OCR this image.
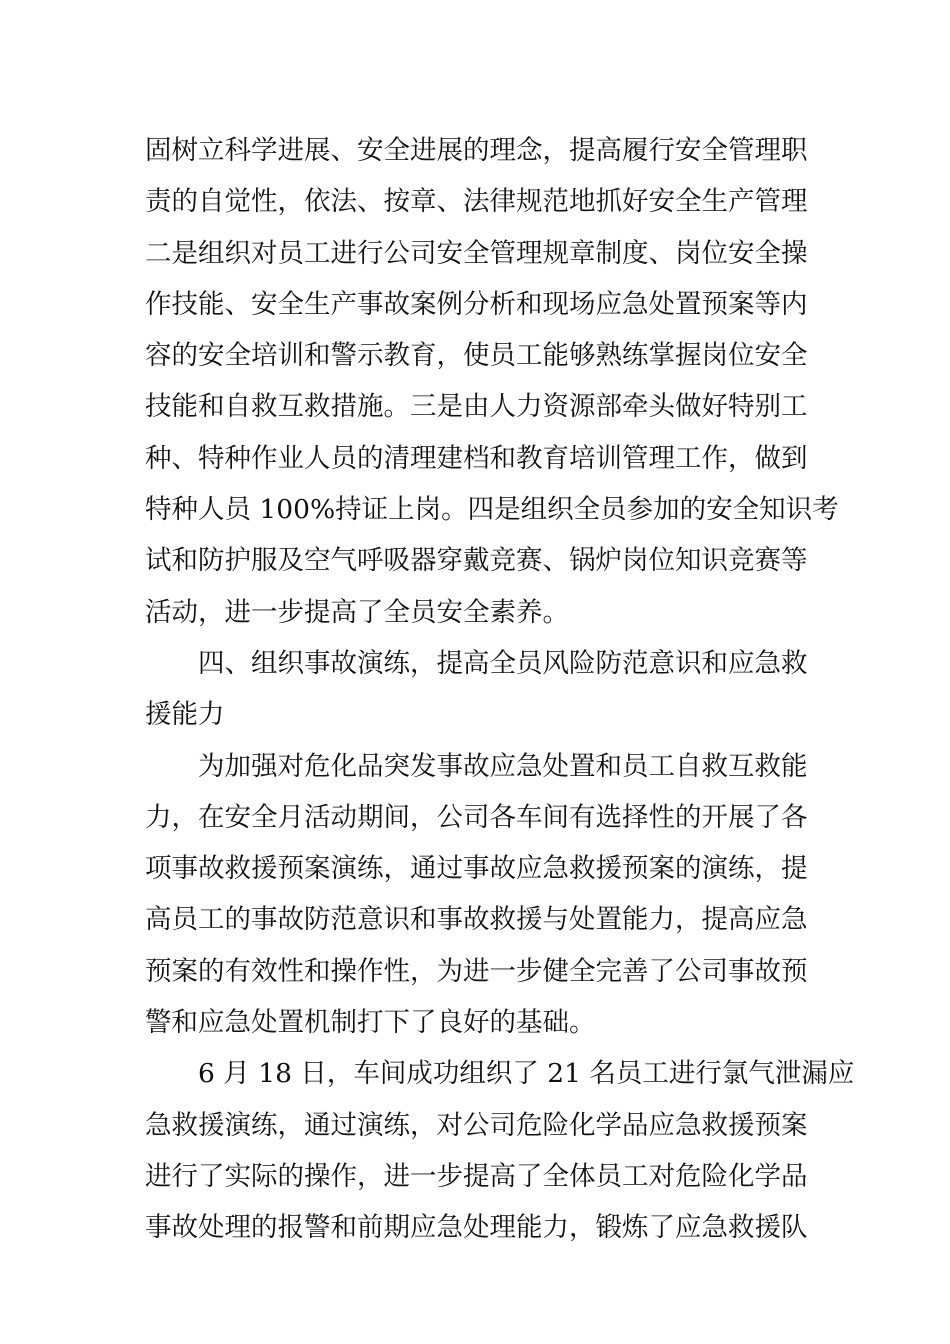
固树立科学进展、安全进展的理念，提高履行安全管理职
责的自觉性，依法、按章、法律规范地抓好安全生产管理
二是组织对员工进行公司安全管理规章制度、岗位安全操
作技能、安全生产事故案例分析和现场应急处置预案等内
容的安全培训和警示教育，使员工能够熟练掌握岗位安全
技能和自救互救措施。三是由人力资源部牵头做好特别工
种、特种作业人员的清理建档和教育培训管理工作，做到
特种人员 100%持证上岗。四是组织全员参加的安全知识考
试和防护服及空气呼吸器穿戴竞赛、锅炉岗位知识竞赛等
活动，进一步提高了全员安全素养。
四、组织事故演练，提高全员风险防范意识和应急救
援能力
为加强对危化品突发事故应急处置和员工自救互救能
力，在安全月活动期间，公司各车间有选择性的开展了各
项事故救援预案演练，通过事故应急救援预案的演练，提
高员工的事故防范意识和事故救援与处置能力，提高应急
预案的有效性和操作性，为进一步健全完善了公司事故预
警和应急处置机制打下了良好的基础。
6 月 18 日，车间成功组织了 21 名员工进行氯气泄漏应
急救援演练，通过演练，对公司危险化学品应急救援预案
进行了实际的操作，进一步提高了全体员工对危险化学品
事故处理的报警和前期应急处理能力，锻炼了应急救援队
